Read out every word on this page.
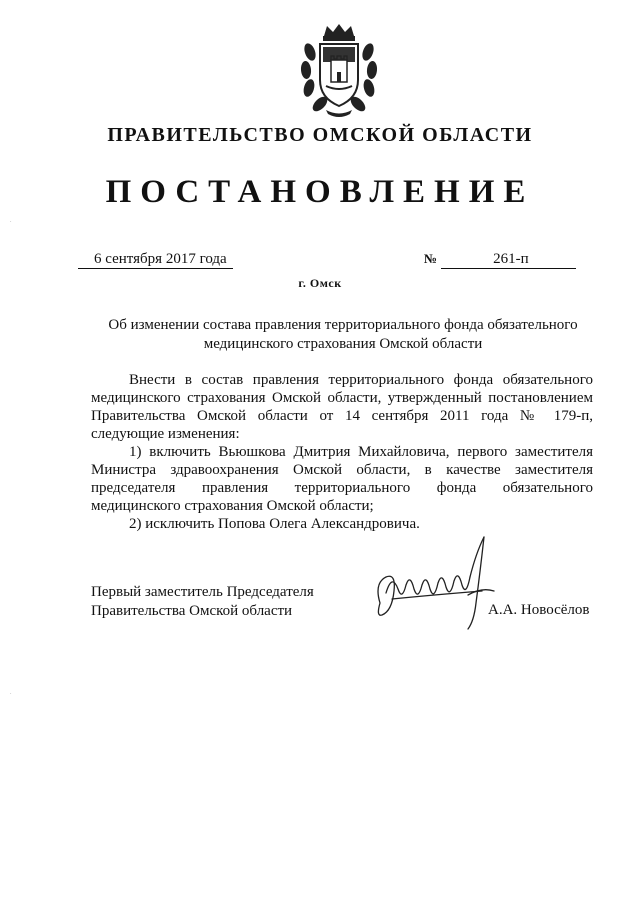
ПРАВИТЕЛЬСТВО ОМСКОЙ ОБЛАСТИ
ПОСТАНОВЛЕНИЕ
6 сентября 2017 года	№	261-п
г. Омск
Об изменении состава правления территориального фонда обязательного
медицинского страхования Омской области

Внести в состав правления территориального фонда обязательного

медицинского страхования Омской области, утвержденный постановлением

Правительства Омской области от 14 сентября 2011 года № 179-п,

следующие изменения:

1) включить Вьюшкова Дмитрия Михайловича, первого заместителя

Министра здравоохранения Омской области, в качестве заместителя

председателя правления территориального фонда обязательного

медицинского страхования Омской области;

2) исключить Попова Олега Александровича.

Первый заместитель Председателя
Правительства Омской области	А.А. Новосёлов
.
.
